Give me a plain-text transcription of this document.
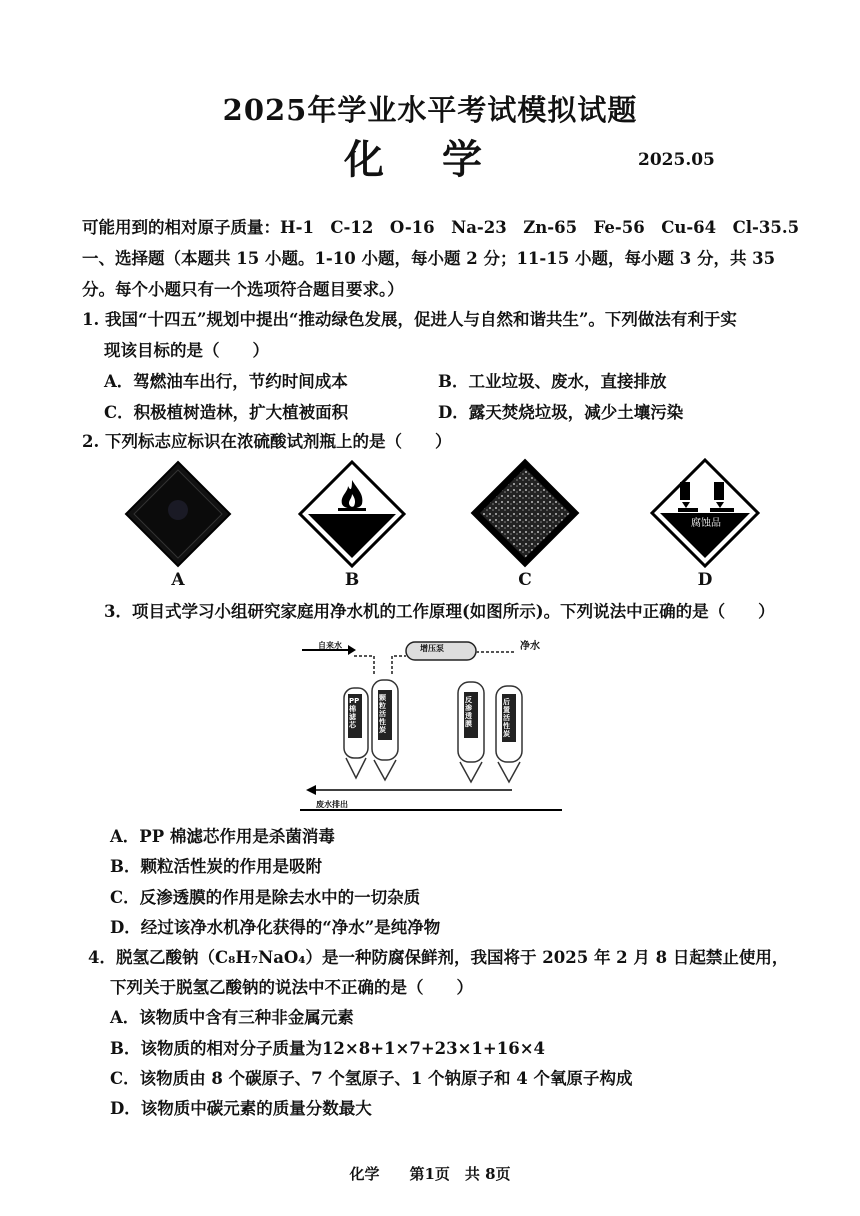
2025年学业水平考试模拟试题
化 学	2025.05
可能用到的相对原子质量：H-1　C-12　O-16　Na-23　Zn-65　Fe-56　Cu-64　Cl-35.5
一、选择题（本题共 15 小题。1-10 小题，每小题 2 分；11-15 小题，每小题 3 分，共 35
分。每个小题只有一个选项符合题目要求。）
1. 我国“十四五”规划中提出“推动绿色发展，促进人与自然和谐共生”。下列做法有利于实
现该目标的是（　　）
A．驾燃油车出行，节约时间成本	B．工业垃圾、废水，直接排放
C．积极植树造林，扩大植被面积	D．露天焚烧垃圾，减少土壤污染
2. 下列标志应标识在浓硫酸试剂瓶上的是（　　）
A	B	C
腐蚀品
D
3．项目式学习小组研究家庭用净水机的工作原理(如图所示)。下列说法中正确的是（　　）
自来水	增压泵	净水
废水排出
PP棉滤芯
颗粒活性炭
反渗透膜
后置活性炭
A．PP 棉滤芯作用是杀菌消毒
B．颗粒活性炭的作用是吸附
C．反渗透膜的作用是除去水中的一切杂质
D．经过该净水机净化获得的“净水”是纯净物
4．脱氢乙酸钠（C₈H₇NaO₄）是一种防腐保鲜剂，我国将于 2025 年 2 月 8 日起禁止使用，
下列关于脱氢乙酸钠的说法中不正确的是（　　）
A．该物质中含有三种非金属元素
B．该物质的相对分子质量为12×8+1×7+23×1+16×4
C．该物质由 8 个碳原子、7 个氢原子、1 个钠原子和 4 个氧原子构成
D．该物质中碳元素的质量分数最大
化学　　第1页　共 8页
